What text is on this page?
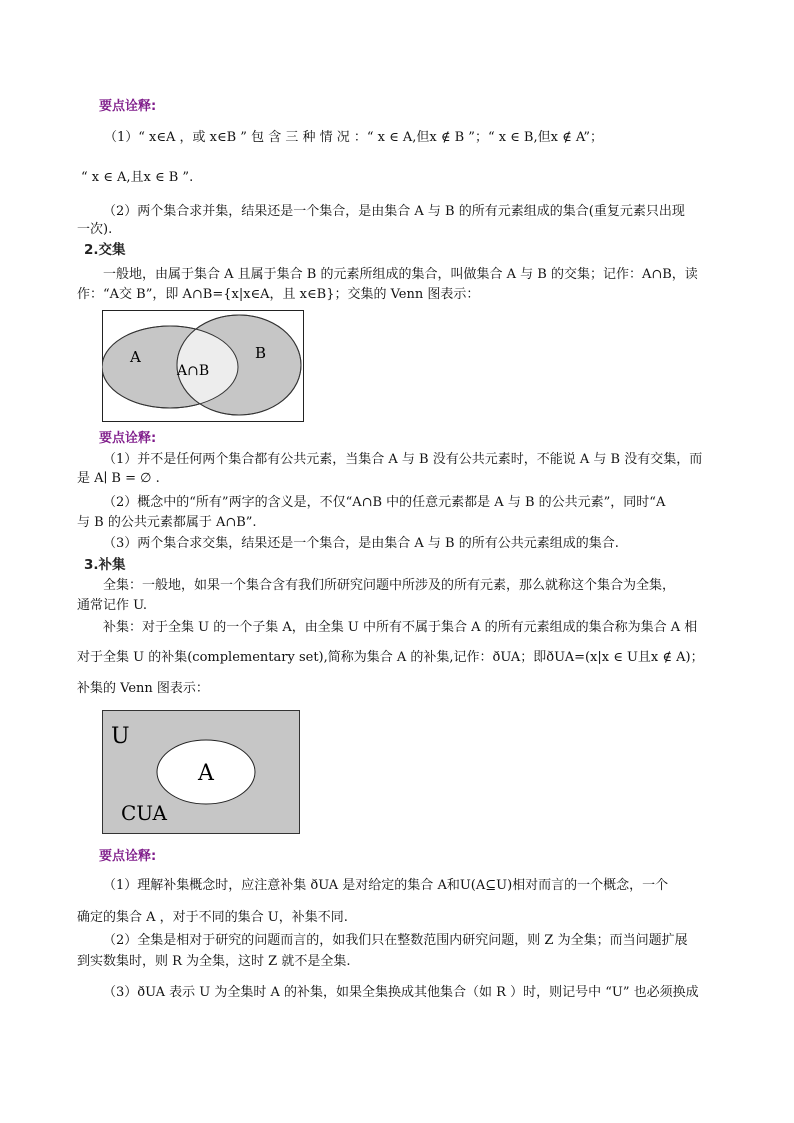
要点诠释:
（1）“ x∈A ，或 x∈B ” 包 含 三 种 情 况 ：“ x ∈ A,但x ∉ B ”；“ x ∈ B,但x ∉ A”；
“ x ∈ A,且x ∈ B ”.
（2）两个集合求并集，结果还是一个集合，是由集合 A 与 B 的所有元素组成的集合(重复元素只出现
一次).
2.交集
一般地，由属于集合 A 且属于集合 B 的元素所组成的集合，叫做集合 A 与 B 的交集；记作：A∩B，读
作：“A交 B”，即 A∩B={x|x∈A，且 x∈B}；交集的 Venn 图表示：
A	B
A∩B
要点诠释:
（1）并不是任何两个集合都有公共元素，当集合 A 与 B 没有公共元素时，不能说 A 与 B 没有交集，而
是 A∣ B = ∅ .
（2）概念中的“所有”两字的含义是，不仅“A∩B 中的任意元素都是 A 与 B 的公共元素”，同时“A
与 B 的公共元素都属于 A∩B”.
（3）两个集合求交集，结果还是一个集合，是由集合 A 与 B 的所有公共元素组成的集合.
3.补集
全集：一般地，如果一个集合含有我们所研究问题中所涉及的所有元素，那么就称这个集合为全集，
通常记作 U.
补集：对于全集 U 的一个子集 A，由全集 U 中所有不属于集合 A 的所有元素组成的集合称为集合 A 相
对于全集 U 的补集(complementary set),简称为集合 A 的补集,记作：ðUA；即ðUA=(x|x ∈ U且x ∉ A)；
补集的 Venn 图表示：
U
A
CUA
要点诠释:
（1）理解补集概念时，应注意补集 ðUA 是对给定的集合 A和U(A⊆U)相对而言的一个概念，一个
确定的集合 A ，对于不同的集合 U，补集不同.
（2）全集是相对于研究的问题而言的，如我们只在整数范围内研究问题，则 Z 为全集；而当问题扩展
到实数集时，则 R 为全集，这时 Z 就不是全集.
（3）ðUA 表示 U 为全集时 A 的补集，如果全集换成其他集合（如 R ）时，则记号中 “U” 也必须换成
